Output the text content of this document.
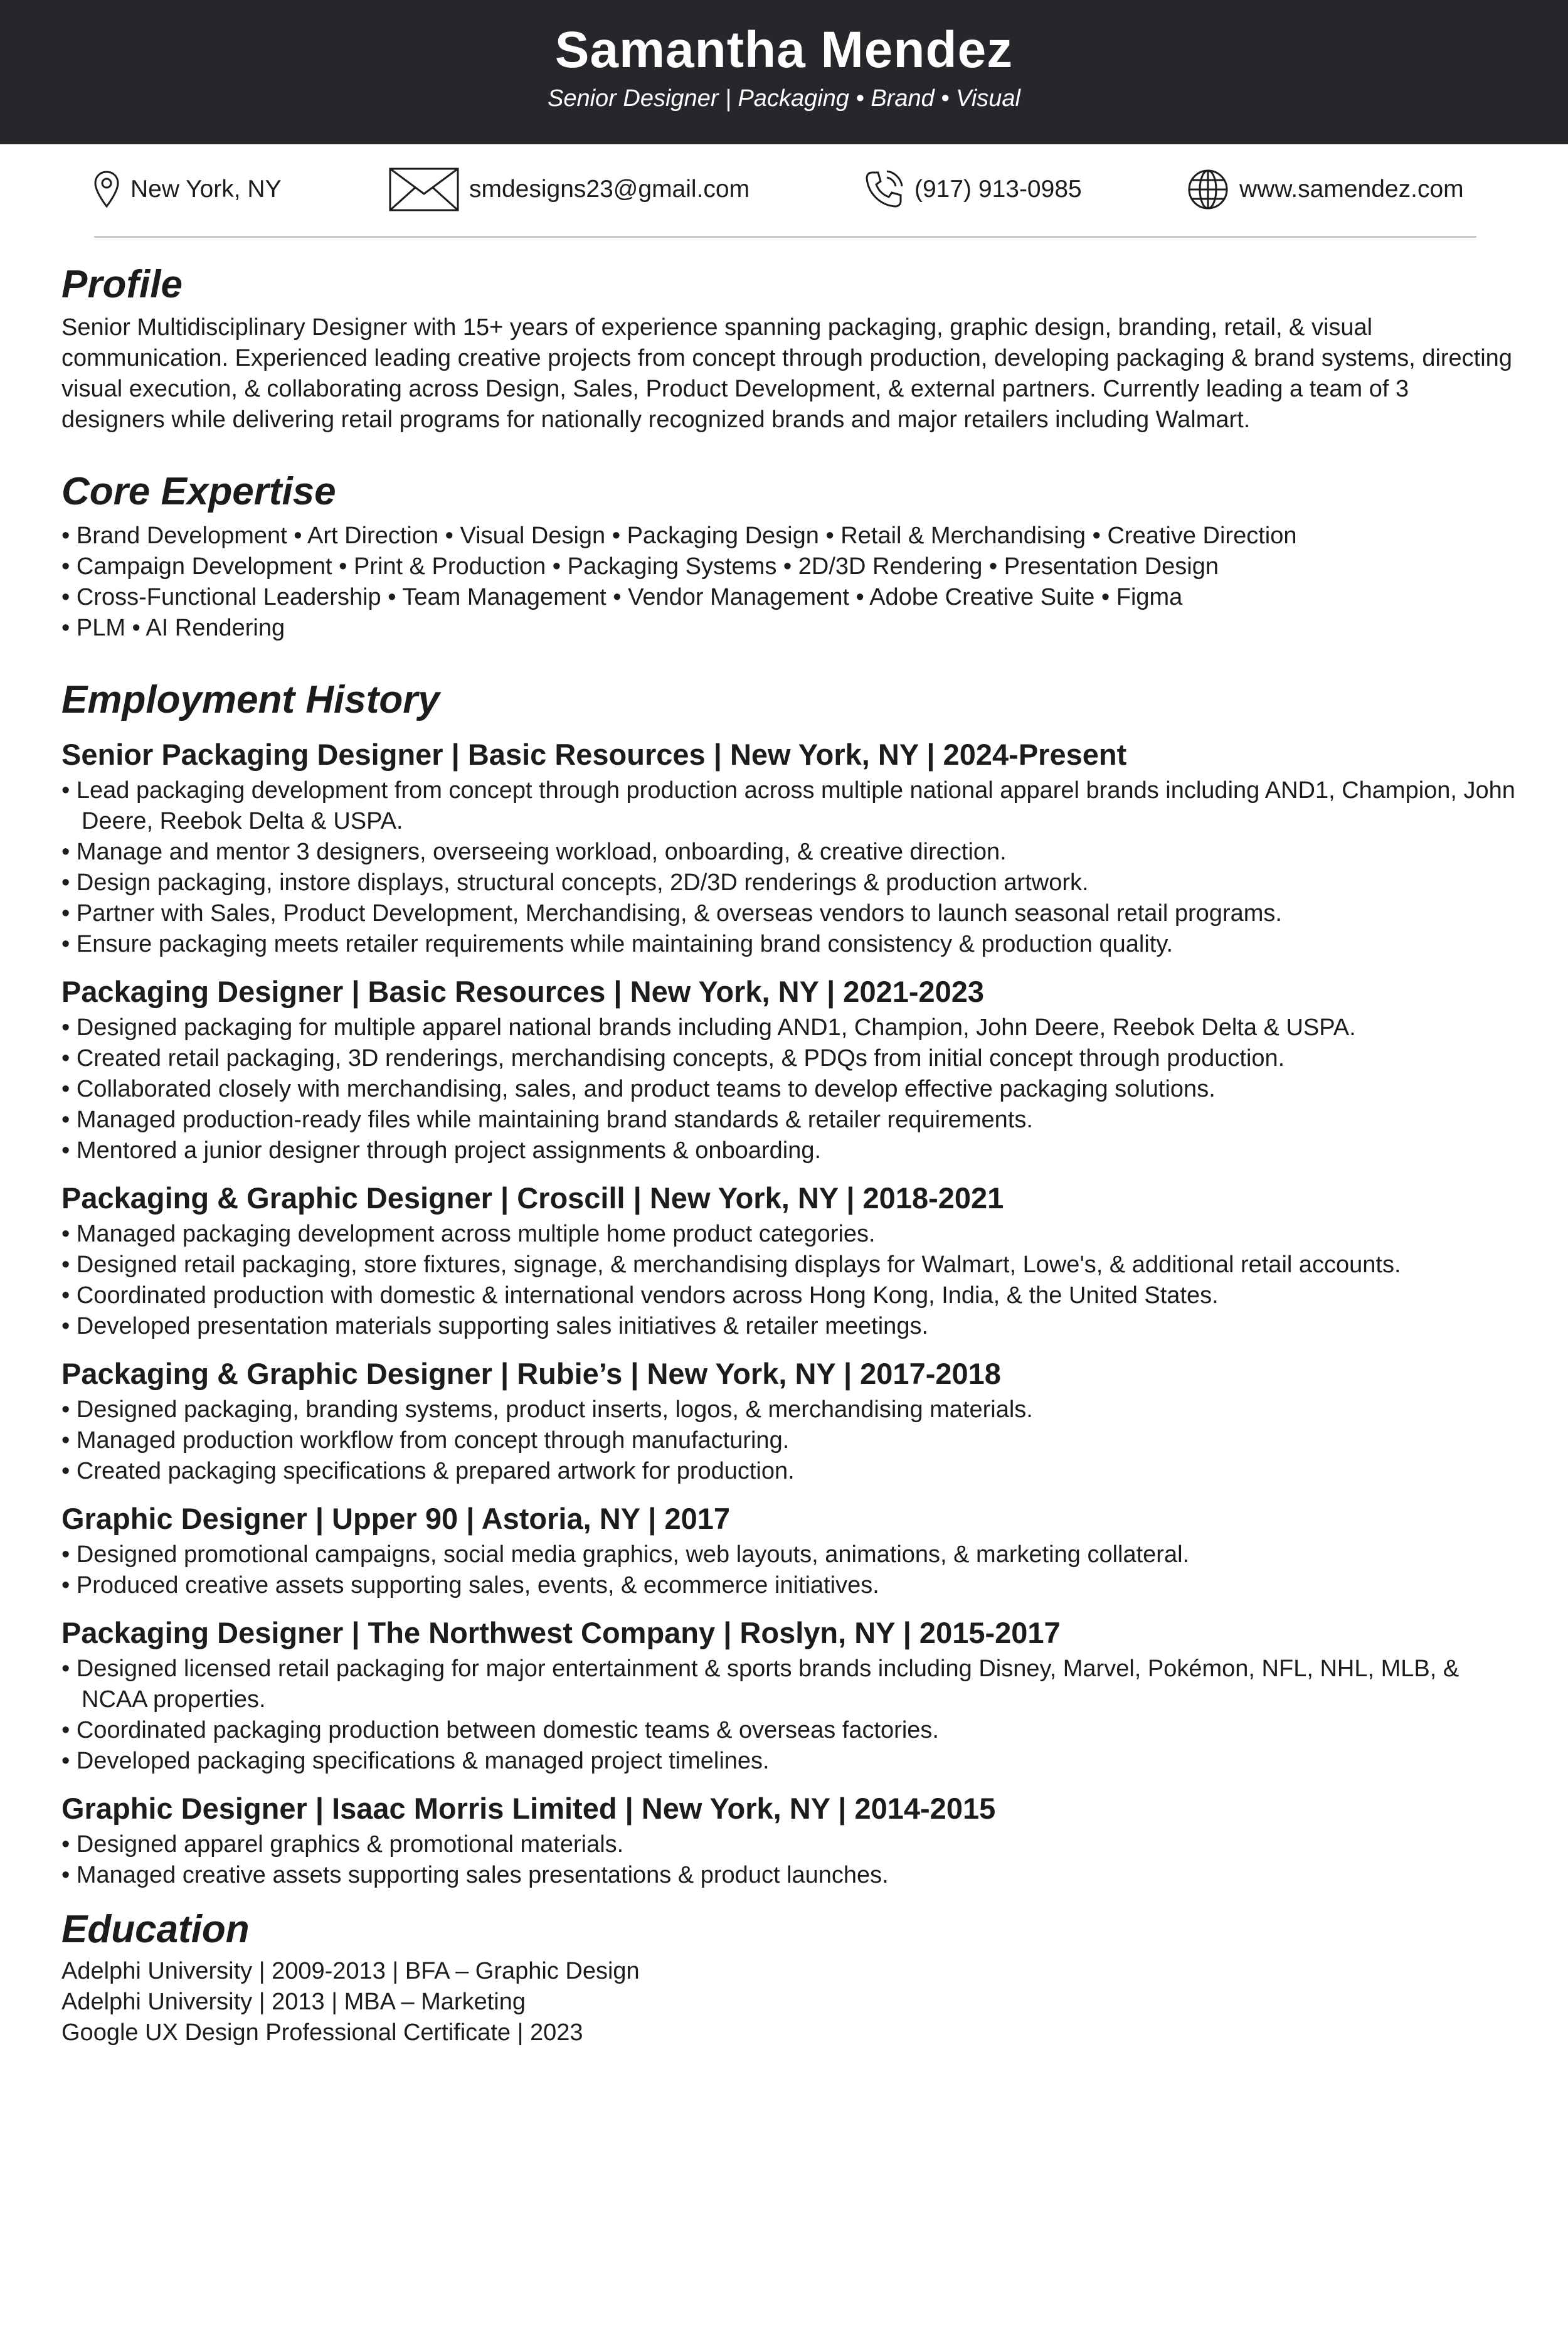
Samantha Mendez
Senior Designer | Packaging • Brand • Visual
New York, NY	smdesigns23@gmail.com	(917) 913-0985	www.samendez.com
Profile

Senior Multidisciplinary Designer with 15+ years of experience spanning packaging, graphic design, branding, retail, & visual communication. Experienced leading creative projects from concept through production, developing packaging & brand systems, directing visual execution, & collaborating across Design, Sales, Product Development, & external partners. Currently leading a team of 3 designers while delivering retail programs for nationally recognized brands and major retailers including Walmart.

Core Expertise
• Brand Development • Art Direction • Visual Design • Packaging Design • Retail & Merchandising • Creative Direction
• Campaign Development • Print & Production • Packaging Systems • 2D/3D Rendering • Presentation Design
• Cross-Functional Leadership • Team Management • Vendor Management • Adobe Creative Suite • Figma
• PLM • AI Rendering
Employment History
Senior Packaging Designer | Basic Resources | New York, NY | 2024-Present
• Lead packaging development from concept through production across multiple national apparel brands including AND1, Champion, John Deere, Reebok Delta & USPA.
• Manage and mentor 3 designers, overseeing workload, onboarding, & creative direction.
• Design packaging, instore displays, structural concepts, 2D/3D renderings & production artwork.
• Partner with Sales, Product Development, Merchandising, & overseas vendors to launch seasonal retail programs.
• Ensure packaging meets retailer requirements while maintaining brand consistency & production quality.
Packaging Designer | Basic Resources | New York, NY | 2021-2023
• Designed packaging for multiple apparel national brands including AND1, Champion, John Deere, Reebok Delta & USPA.
• Created retail packaging, 3D renderings, merchandising concepts, & PDQs from initial concept through production.
• Collaborated closely with merchandising, sales, and product teams to develop effective packaging solutions.
• Managed production-ready files while maintaining brand standards & retailer requirements.
• Mentored a junior designer through project assignments & onboarding.
Packaging & Graphic Designer | Croscill | New York, NY | 2018-2021
• Managed packaging development across multiple home product categories.
• Designed retail packaging, store fixtures, signage, & merchandising displays for Walmart, Lowe's, & additional retail accounts.
• Coordinated production with domestic & international vendors across Hong Kong, India, & the United States.
• Developed presentation materials supporting sales initiatives & retailer meetings.
Packaging & Graphic Designer | Rubie’s | New York, NY | 2017-2018
• Designed packaging, branding systems, product inserts, logos, & merchandising materials.
• Managed production workflow from concept through manufacturing.
• Created packaging specifications & prepared artwork for production.
Graphic Designer | Upper 90 | Astoria, NY | 2017
• Designed promotional campaigns, social media graphics, web layouts, animations, & marketing collateral.
• Produced creative assets supporting sales, events, & ecommerce initiatives.
Packaging Designer | The Northwest Company | Roslyn, NY | 2015-2017
• Designed licensed retail packaging for major entertainment & sports brands including Disney, Marvel, Pokémon, NFL, NHL, MLB, & NCAA properties.
• Coordinated packaging production between domestic teams & overseas factories.
• Developed packaging specifications & managed project timelines.
Graphic Designer | Isaac Morris Limited | New York, NY | 2014-2015
• Designed apparel graphics & promotional materials.
• Managed creative assets supporting sales presentations & product launches.
Education
Adelphi University | 2009-2013 | BFA – Graphic Design
Adelphi University | 2013 | MBA – Marketing
Google UX Design Professional Certificate | 2023
